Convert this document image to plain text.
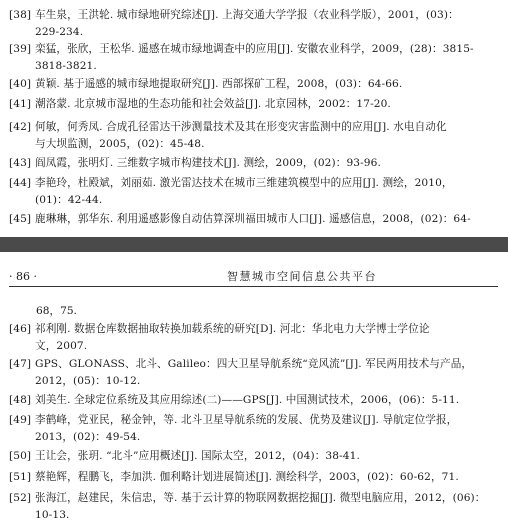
[38] 车生泉，王洪轮. 城市绿地研究综述[J]. 上海交通大学学报（农业科学版），2001，(03)：
229-234.
[39] 栾猛，张欣，王松华. 遥感在城市绿地调查中的应用[J]. 安徽农业科学，2009，(28)：3815-
3818-3821.
[40] 黄颖. 基于遥感的城市绿地提取研究[J]. 西部探矿工程，2008，(03)：64-66.
[41] 潮洛蒙. 北京城市湿地的生态功能和社会效益[J]. 北京园林，2002：17-20.
[42] 何敏，何秀凤. 合成孔径雷达干涉测量技术及其在形变灾害监测中的应用[J]. 水电自动化
与大坝监测，2005，(02)：45-48.
[43] 阎凤霞，张明灯. 三维数字城市构建技术[J]. 测绘，2009，(02)：93-96.
[44] 李艳玲，杜殿斌，刘丽茹. 激光雷达技术在城市三维建筑模型中的应用[J]. 测绘，2010，
(01)：42-44.
[45] 鹿琳琳，郭华东. 利用遥感影像自动估算深圳福田城市人口[J]. 遥感信息，2008，(02)：64-
· 86 ·	智慧城市空间信息公共平台
68，75.
[46] 祁利刚. 数据仓库数据抽取转换加载系统的研究[D]. 河北：华北电力大学博士学位论
文，2007.
[47] GPS、GLONASS、北斗、Galileo：四大卫星导航系统“竞风流”[J]. 军民两用技术与产品，
2012，(05)：10-12.
[48] 刘美生. 全球定位系统及其应用综述(二)——GPS[J]. 中国测试技术，2006，(06)：5-11.
[49] 李鹤峰，党亚民，秘金钟，等. 北斗卫星导航系统的发展、优势及建议[J]. 导航定位学报，
2013，(02)：49-54.
[50] 王让会，张玥. “北斗”应用概述[J]. 国际太空，2012，(04)：38-41.
[51] 蔡艳辉，程鹏飞，李加洪. 伽利略计划进展简述[J]. 测绘科学，2003，(02)：60-62，71.
[52] 张海江，赵建民，朱信忠，等. 基于云计算的物联网数据挖掘[J]. 微型电脑应用，2012，(06)：
10-13.
